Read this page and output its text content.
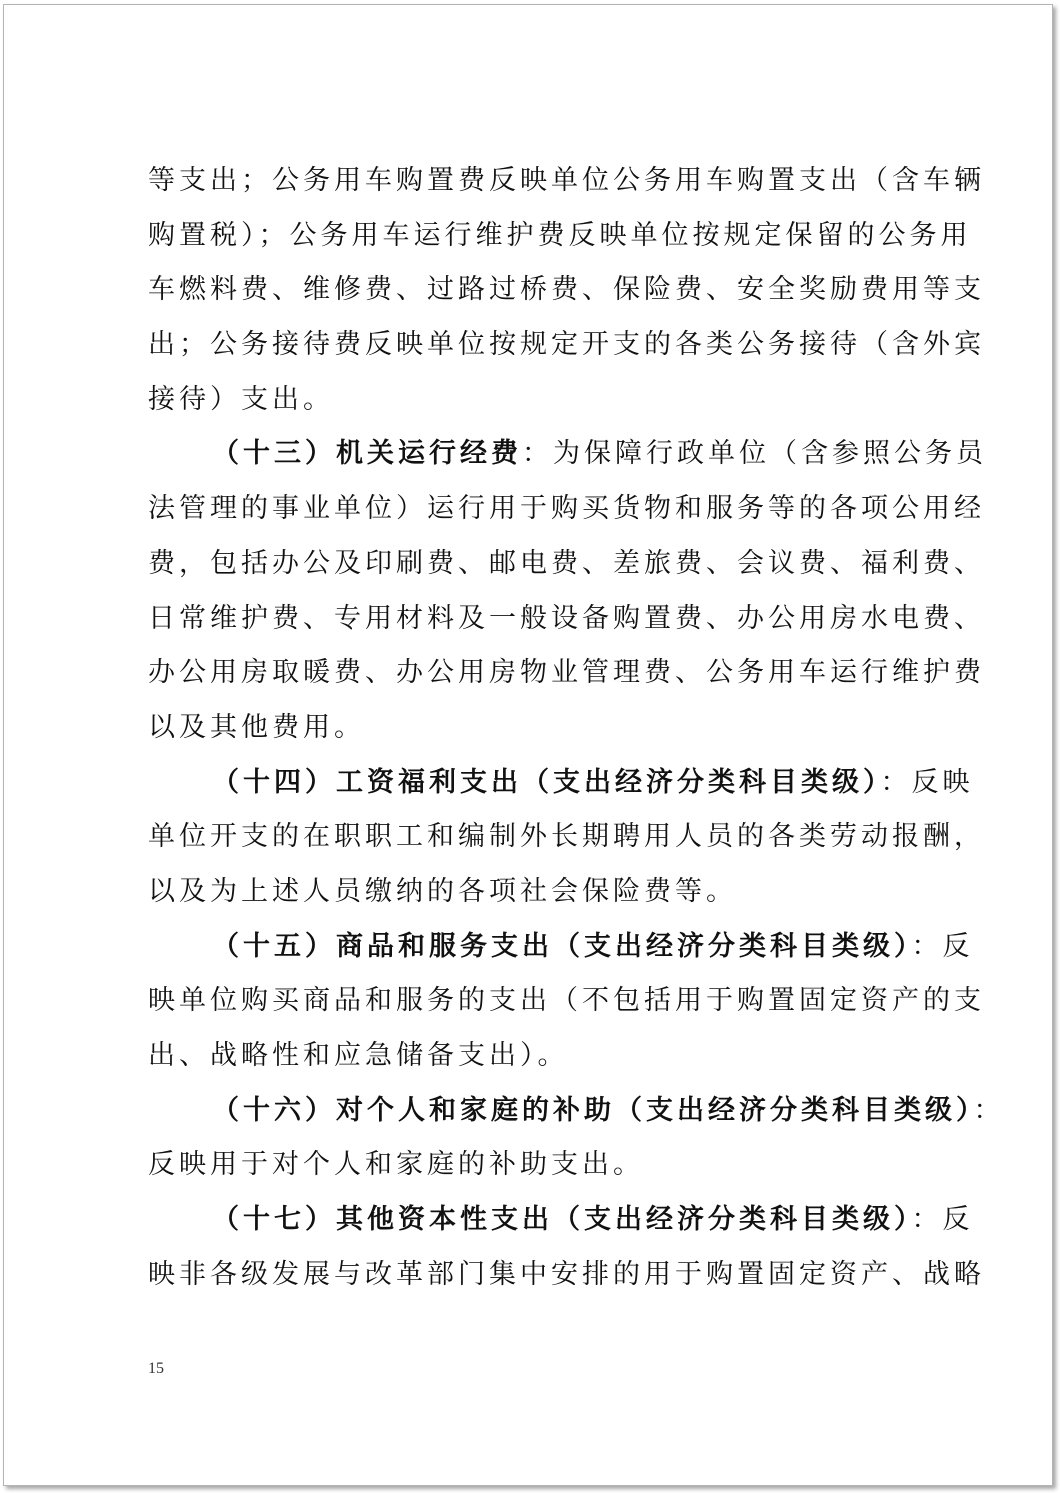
等支出；公务用车购置费反映单位公务用车购置支出（含车辆
购置税）；公务用车运行维护费反映单位按规定保留的公务用
车燃料费、维修费、过路过桥费、保险费、安全奖励费用等支
出；公务接待费反映单位按规定开支的各类公务接待（含外宾
接待）支出。
（十三）机关运行经费：为保障行政单位（含参照公务员
法管理的事业单位）运行用于购买货物和服务等的各项公用经
费，包括办公及印刷费、邮电费、差旅费、会议费、福利费、
日常维护费、专用材料及一般设备购置费、办公用房水电费、
办公用房取暖费、办公用房物业管理费、公务用车运行维护费
以及其他费用。
（十四）工资福利支出（支出经济分类科目类级）：反映
单位开支的在职职工和编制外长期聘用人员的各类劳动报酬，
以及为上述人员缴纳的各项社会保险费等。
（十五）商品和服务支出（支出经济分类科目类级）：反
映单位购买商品和服务的支出（不包括用于购置固定资产的支
出、战略性和应急储备支出）。
（十六）对个人和家庭的补助（支出经济分类科目类级）：
反映用于对个人和家庭的补助支出。
（十七）其他资本性支出（支出经济分类科目类级）：反
映非各级发展与改革部门集中安排的用于购置固定资产、战略
15
